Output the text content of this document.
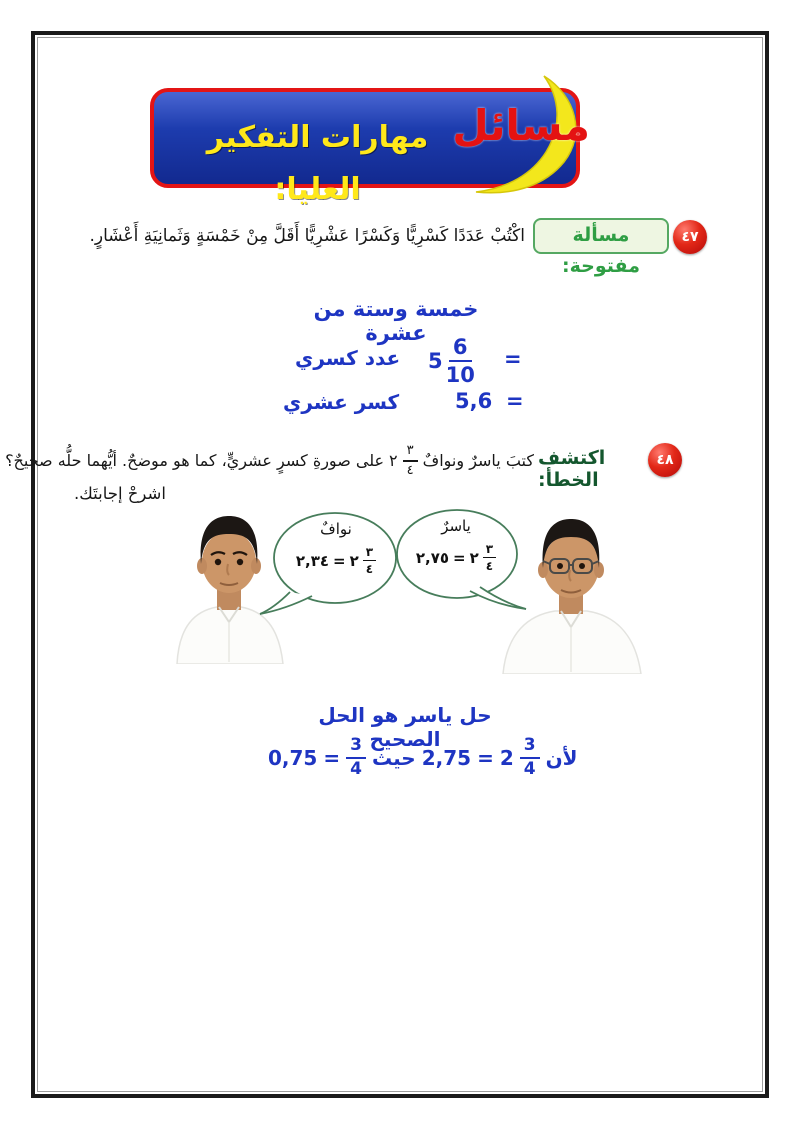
مسائل
مهارات التفكير العليا:
٤٧
مسألة مفتوحة:
اكْتُبْ عَدَدًا كَسْرِيًّا وَكَسْرًا عَشْرِيًّا أَقَلَّ مِنْ خَمْسَةٍ وَثَمانِيَةِ أَعْشَارٍ.
خمسة وستة من عشرة
عدد كسري $5 \frac{6}{10}$ =
كسر عشري	5,6 =
٤٨
اكتشف الخطأ:
على صورةِ كسرٍ عشريٍّ، كما هو موضحٌ. أيُّهما حلُّه صحيحٌ؟ ٢ $\frac{٣}{٤}$ كتبَ ياسرٌ ونوافٌ
اشرحْ إجابتَك.
نوافٌ
٢,٣٤ = ٢ $\frac{٣}{٤}$
ياسرٌ
٢,٧٥ = ٢ $\frac{٣}{٤}$
حل ياسر هو الحل الصحيح
$0,75 = \frac{3}{4}$ حيث $2,75 = 2 \frac{3}{4}$ لأن
